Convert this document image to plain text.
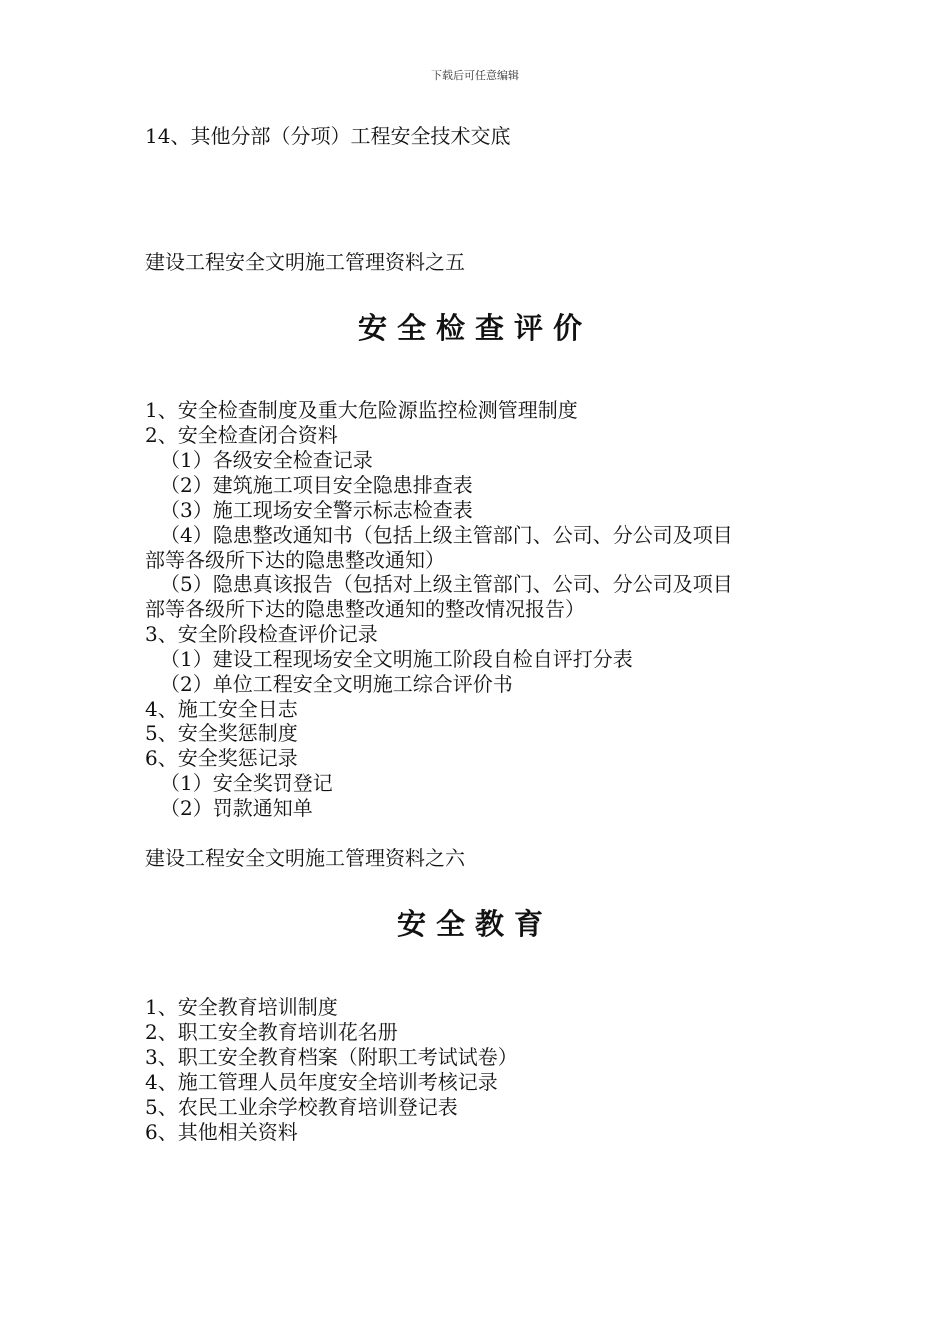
下载后可任意编辑
14、其他分部（分项）工程安全技术交底
建设工程安全文明施工管理资料之五
安全检查评价
1、安全检查制度及重大危险源监控检测管理制度
2、安全检查闭合资料
（1）各级安全检查记录
（2）建筑施工项目安全隐患排查表
（3）施工现场安全警示标志检查表
（4）隐患整改通知书（包括上级主管部门、公司、分公司及项目
部等各级所下达的隐患整改通知）
（5）隐患真该报告（包括对上级主管部门、公司、分公司及项目
部等各级所下达的隐患整改通知的整改情况报告）
3、安全阶段检查评价记录
（1）建设工程现场安全文明施工阶段自检自评打分表
（2）单位工程安全文明施工综合评价书
4、施工安全日志
5、安全奖惩制度
6、安全奖惩记录
（1）安全奖罚登记
（2）罚款通知单
建设工程安全文明施工管理资料之六
安全教育
1、安全教育培训制度
2、职工安全教育培训花名册
3、职工安全教育档案（附职工考试试卷）
4、施工管理人员年度安全培训考核记录
5、农民工业余学校教育培训登记表
6、其他相关资料
